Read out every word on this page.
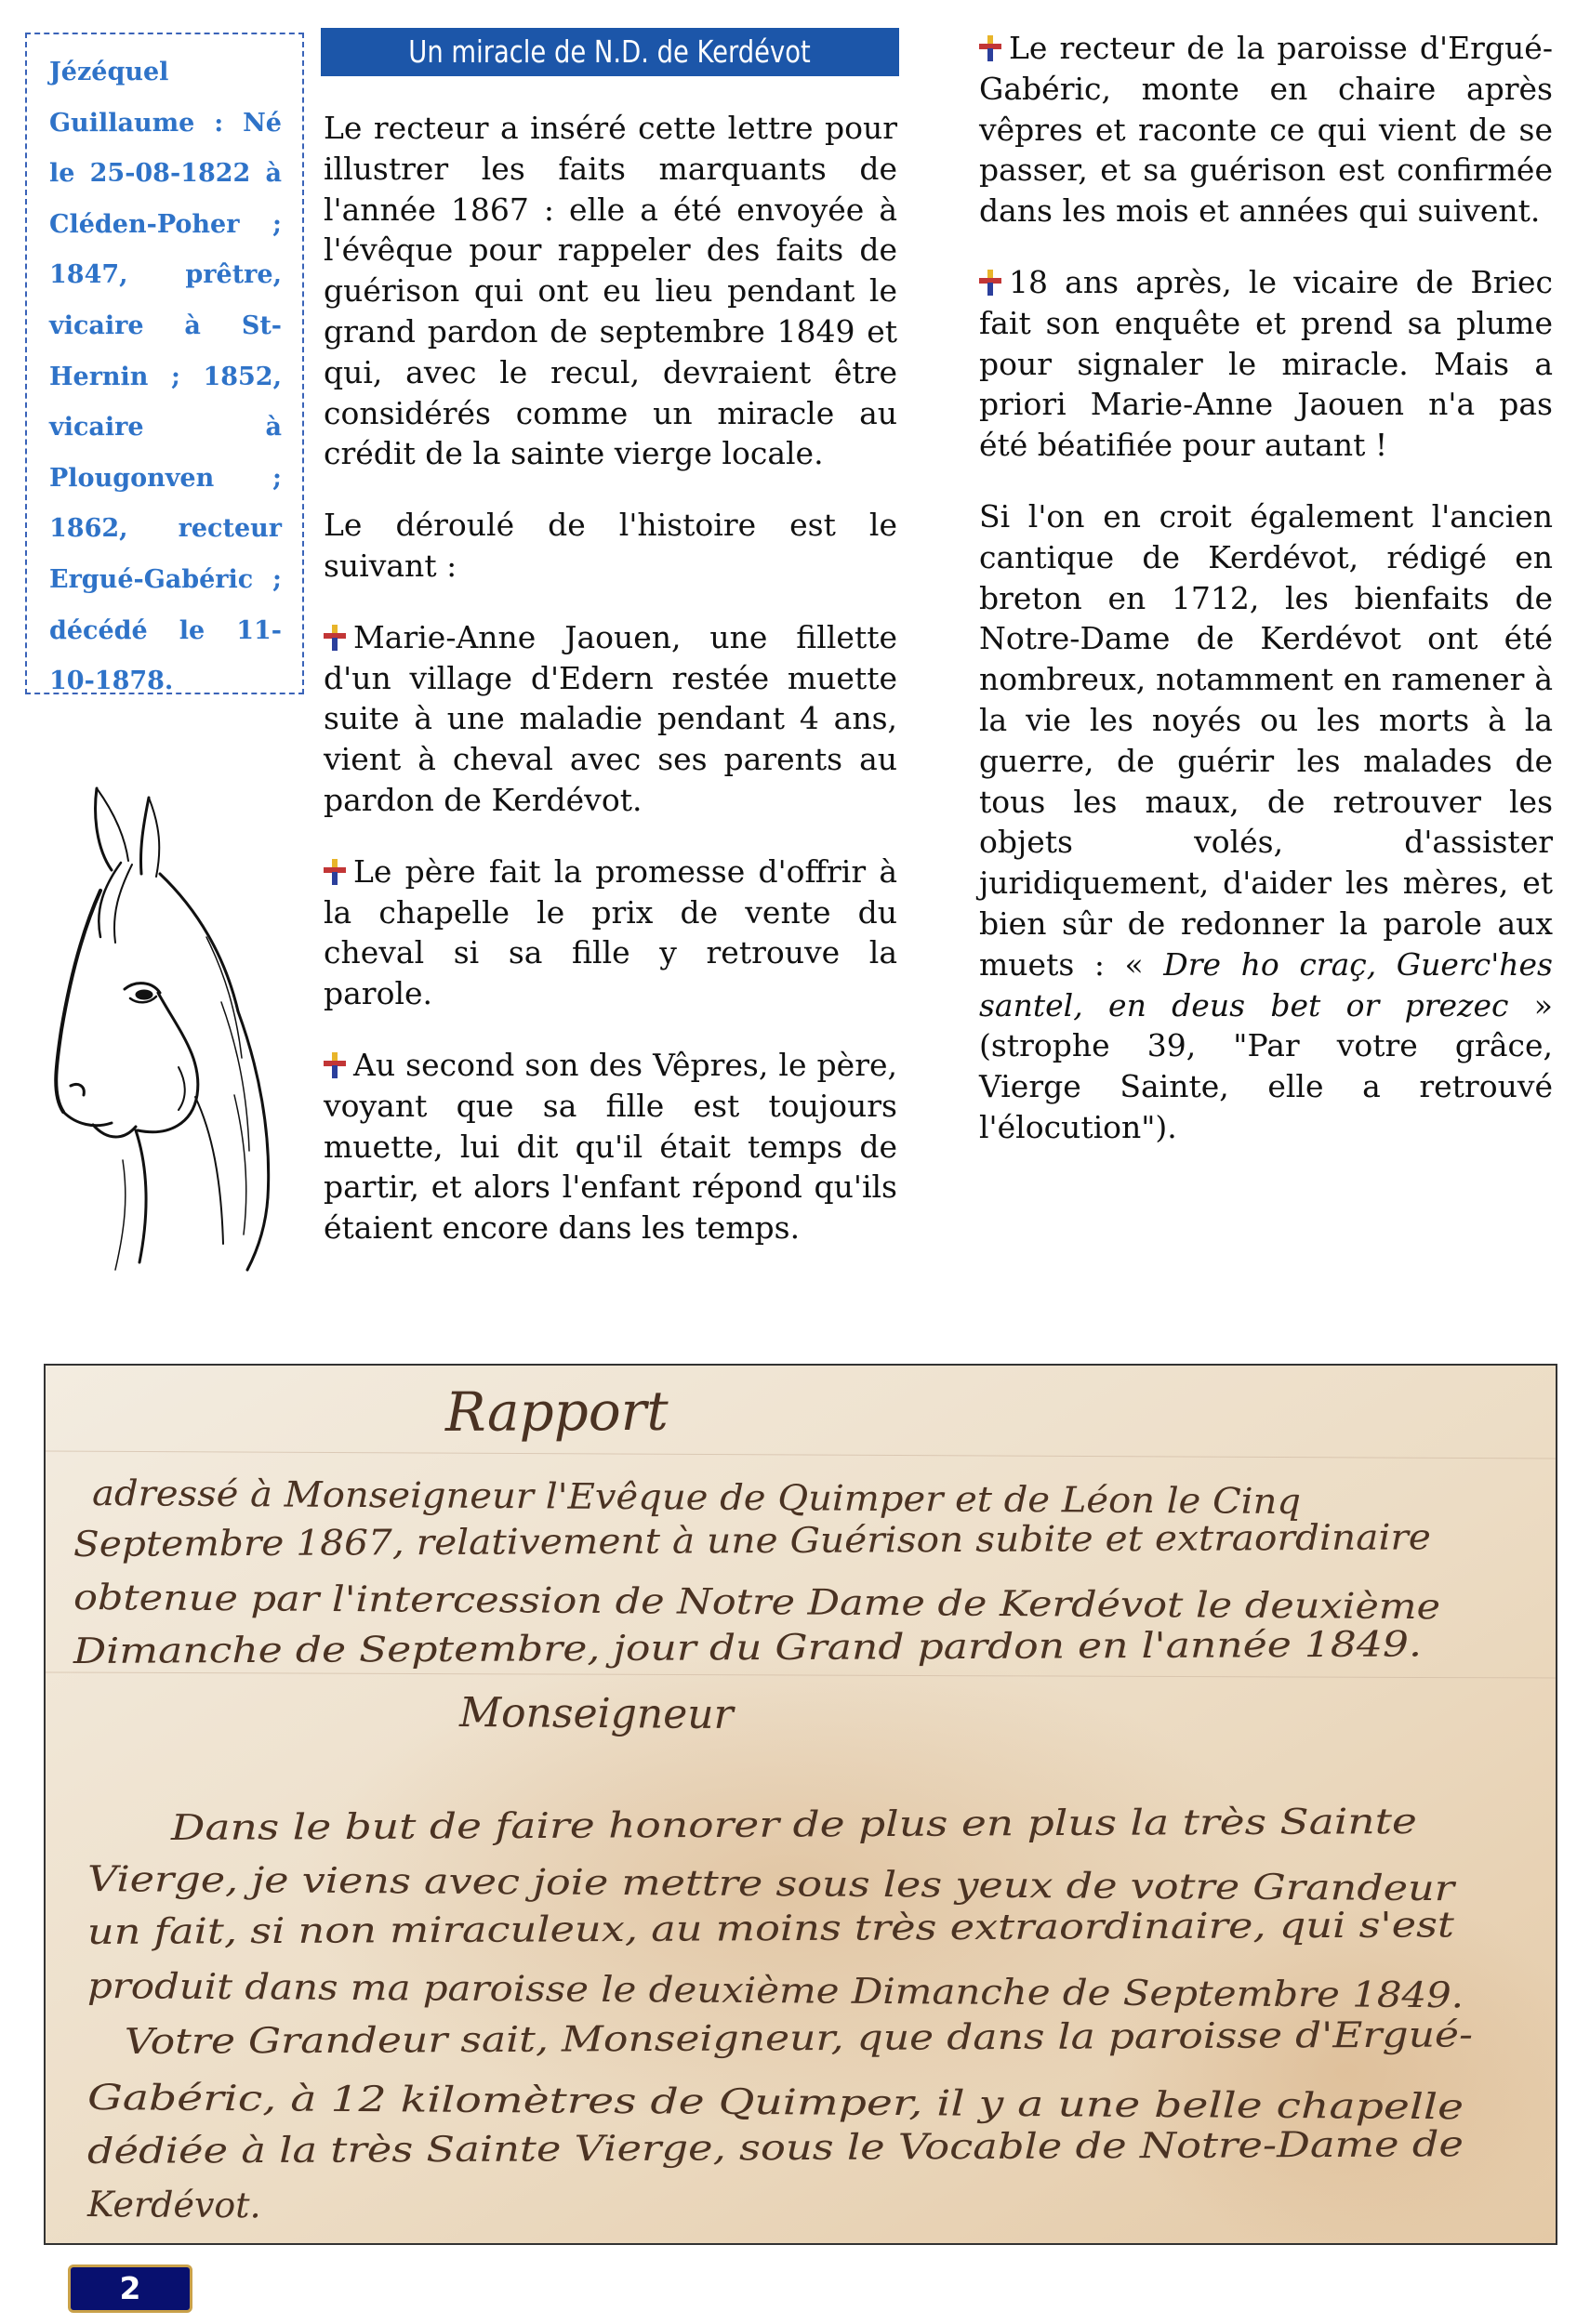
Jézéquel Guillaume : Né le 25-08-1822 à Cléden-Poher ; 1847, prêtre, vicaire à St-Hernin ; 1852, vicaire à Plougonven ; 1862, recteur Ergué-Gabéric ; décédé le 11-10-1878.
Un miracle de N.D. de Kerdévot

Le recteur a inséré cette lettre pour illustrer les faits marquants de l'année 1867 : elle a été envoyée à l'évêque pour rappeler des faits de guérison qui ont eu lieu pendant le grand pardon de septembre 1849 et qui, avec le recul, devraient être considérés comme un miracle au crédit de la sainte vierge locale.

Le déroulé de l'histoire est le suivant :

Marie-Anne Jaouen, une fillette d'un village d'Edern restée muette suite à une maladie pendant 4 ans, vient à cheval avec ses parents au pardon de Kerdévot.

Le père fait la promesse d'offrir à la chapelle le prix de vente du cheval si sa fille y retrouve la parole.

Au second son des Vêpres, le père, voyant que sa fille est toujours muette, lui dit qu'il était temps de partir, et alors l'enfant répond qu'ils étaient encore dans les temps.

Le recteur de la paroisse d'Ergué-Gabéric, monte en chaire après vêpres et raconte ce qui vient de se passer, et sa guérison est confirmée dans les mois et années qui suivent.

18 ans après, le vicaire de Briec fait son enquête et prend sa plume pour signaler le miracle. Mais a priori Marie-Anne Jaouen n'a pas été béatifiée pour autant !

Si l'on en croit également l'ancien cantique de Kerdévot, rédigé en breton en 1712, les bienfaits de Notre-Dame de Kerdévot ont été nombreux, notamment en ramener à la vie les noyés ou les morts à la guerre, de guérir les malades de tous les maux, de retrouver les objets volés, d'assister juridiquement, d'aider les mères, et bien sûr de redonner la parole aux muets : « Dre ho craç, Guerc'hes santel, en deus bet or prezec » (strophe 39, "Par votre grâce, Vierge Sainte, elle a retrouvé l'élocution").

Rapport
adressé à Monseigneur l'Evêque de Quimper et de Léon le Cinq
Septembre 1867, relativement à une Guérison subite et extraordinaire
obtenue par l'intercession de Notre Dame de Kerdévot le deuxième
Dimanche de Septembre, jour du Grand pardon en l'année 1849.
Monseigneur
Dans le but de faire honorer de plus en plus la très Sainte
Vierge, je viens avec joie mettre sous les yeux de votre Grandeur
un fait, si non miraculeux, au moins très extraordinaire, qui s'est
produit dans ma paroisse le deuxième Dimanche de Septembre 1849.
Votre Grandeur sait, Monseigneur, que dans la paroisse d'Ergué-
Gabéric, à 12 kilomètres de Quimper, il y a une belle chapelle
dédiée à la très Sainte Vierge, sous le Vocable de Notre-Dame de
Kerdévot.
2
